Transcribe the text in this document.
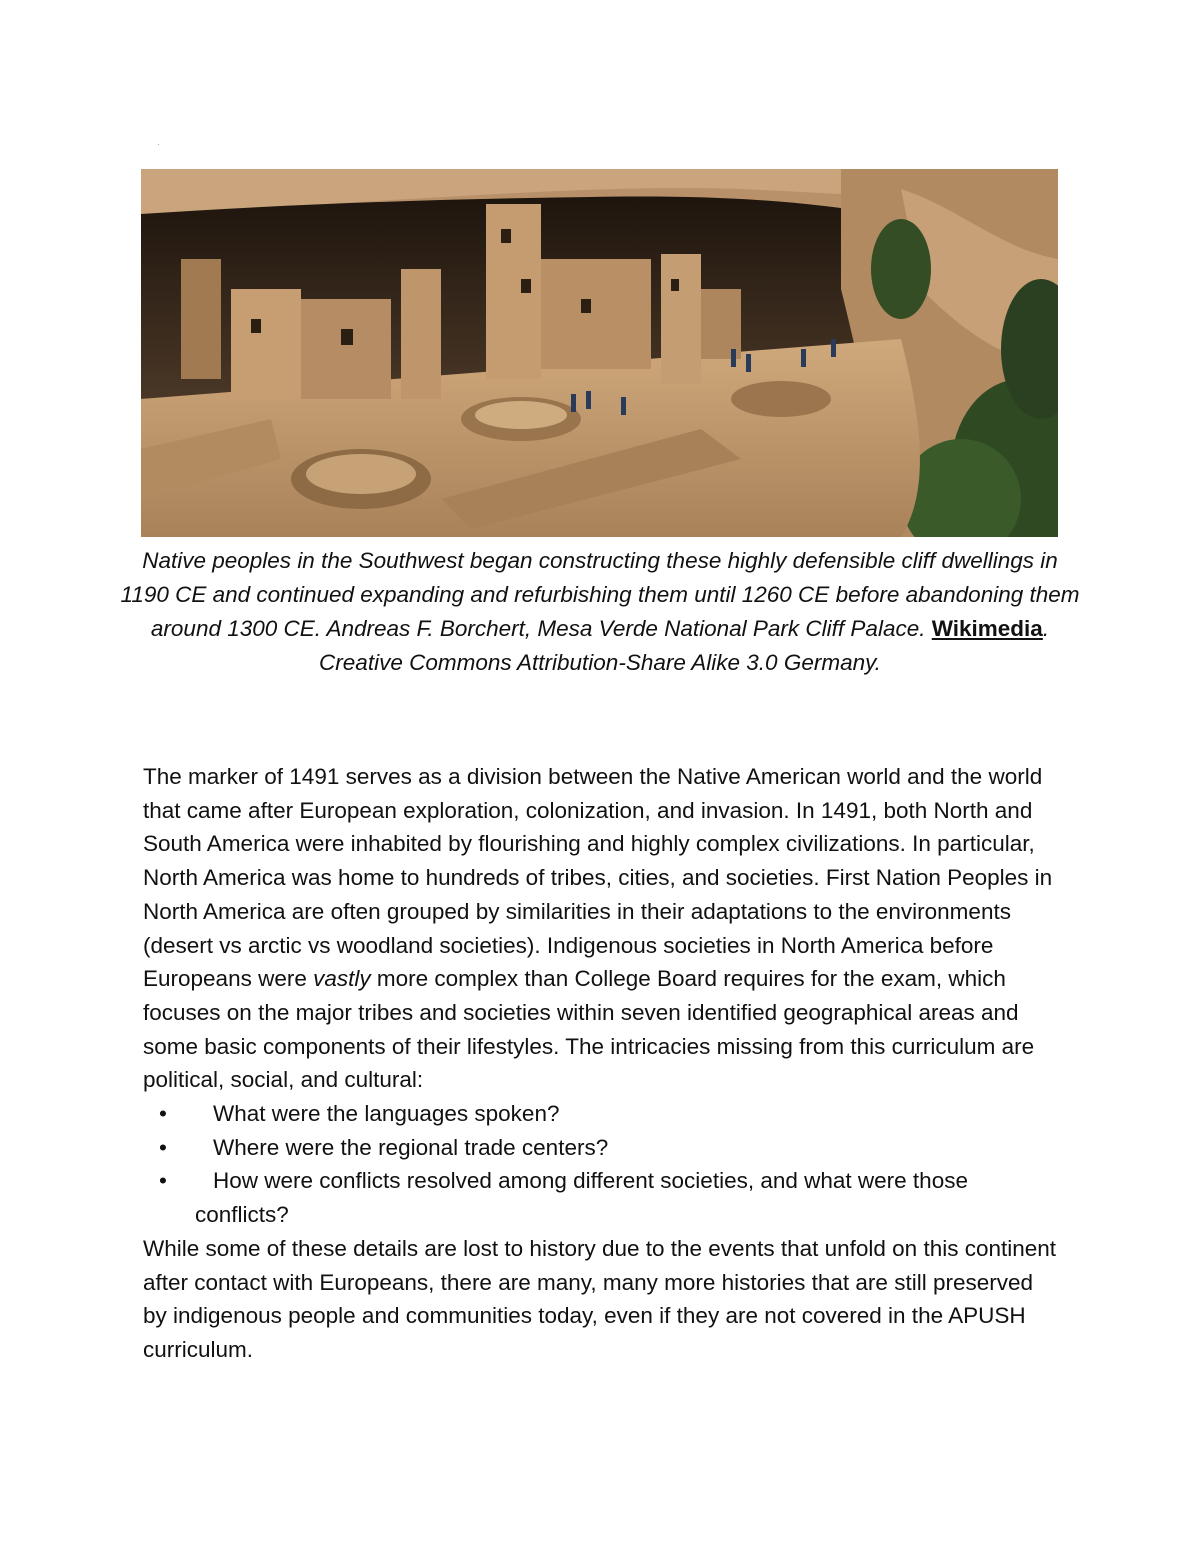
·
Native peoples in the Southwest began constructing these highly defensible cliff dwellings in 1190 CE and continued expanding and refurbishing them until 1260 CE before abandoning them around 1300 CE. Andreas F. Borchert, Mesa Verde National Park Cliff Palace. Wikimedia. Creative Commons Attribution-Share Alike 3.0 Germany.

The marker of 1491 serves as a division between the Native American world and the world that came after European exploration, colonization, and invasion. In 1491, both North and South America were inhabited by flourishing and highly complex civilizations. In particular, North America was home to hundreds of tribes, cities, and societies. First Nation Peoples in North America are often grouped by similarities in their adaptations to the environments (desert vs arctic vs woodland societies). Indigenous societies in North America before Europeans were vastly more complex than College Board requires for the exam, which focuses on the major tribes and societies within seven identified geographical areas and some basic components of their lifestyles. The intricacies missing from this curriculum are political, social, and cultural:

• What were the languages spoken?
• Where were the regional trade centers?
• How were conflicts resolved among different societies, and what were those conflicts?

While some of these details are lost to history due to the events that unfold on this continent after contact with Europeans, there are many, many more histories that are still preserved by indigenous people and communities today, even if they are not covered in the APUSH curriculum.
